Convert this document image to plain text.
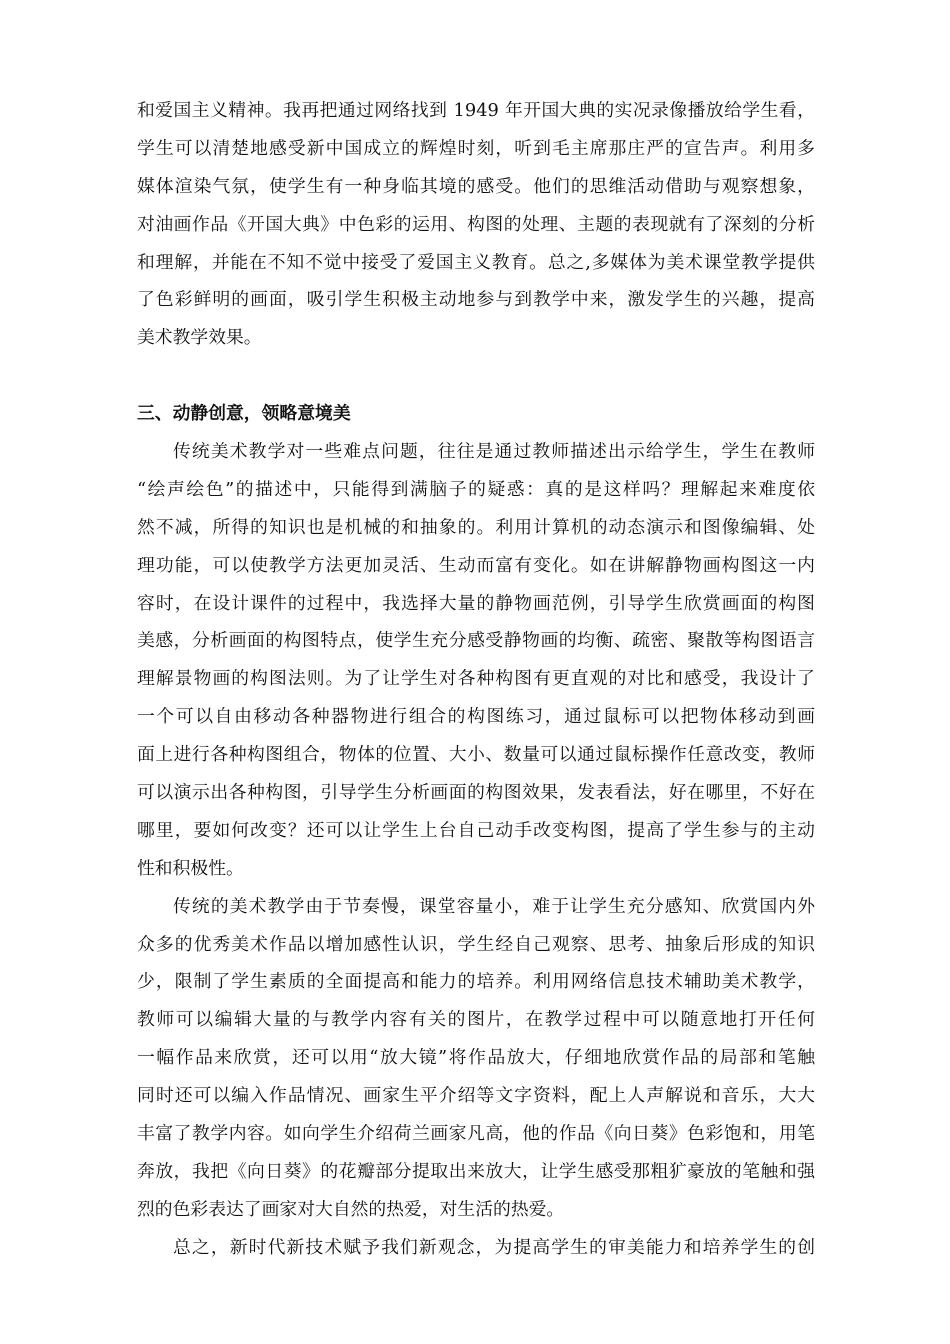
和爱国主义精神。我再把通过网络找到 1949 年开国大典的实况录像播放给学生看，
学生可以清楚地感受新中国成立的辉煌时刻，听到毛主席那庄严的宣告声。利用多
媒体渲染气氛，使学生有一种身临其境的感受。他们的思维活动借助与观察想象，
对油画作品《开国大典》中色彩的运用、构图的处理、主题的表现就有了深刻的分析
和理解，并能在不知不觉中接受了爱国主义教育。总之,多媒体为美术课堂教学提供
了色彩鲜明的画面，吸引学生积极主动地参与到教学中来，激发学生的兴趣，提高
美术教学效果。
三、动静创意，领略意境美
传统美术教学对一些难点问题，往往是通过教师描述出示给学生，学生在教师
“绘声绘色”的描述中，只能得到满脑子的疑惑：真的是这样吗？理解起来难度依
然不减，所得的知识也是机械的和抽象的。利用计算机的动态演示和图像编辑、处
理功能，可以使教学方法更加灵活、生动而富有变化。如在讲解静物画构图这一内
容时，在设计课件的过程中，我选择大量的静物画范例，引导学生欣赏画面的构图
美感，分析画面的构图特点，使学生充分感受静物画的均衡、疏密、聚散等构图语言
理解景物画的构图法则。为了让学生对各种构图有更直观的对比和感受，我设计了
一个可以自由移动各种器物进行组合的构图练习，通过鼠标可以把物体移动到画
面上进行各种构图组合，物体的位置、大小、数量可以通过鼠标操作任意改变，教师
可以演示出各种构图，引导学生分析画面的构图效果，发表看法，好在哪里，不好在
哪里，要如何改变？还可以让学生上台自己动手改变构图，提高了学生参与的主动
性和积极性。
传统的美术教学由于节奏慢，课堂容量小，难于让学生充分感知、欣赏国内外
众多的优秀美术作品以增加感性认识，学生经自己观察、思考、抽象后形成的知识
少，限制了学生素质的全面提高和能力的培养。利用网络信息技术辅助美术教学，
教师可以编辑大量的与教学内容有关的图片，在教学过程中可以随意地打开任何
一幅作品来欣赏，还可以用“放大镜”将作品放大，仔细地欣赏作品的局部和笔触
同时还可以编入作品情况、画家生平介绍等文字资料，配上人声解说和音乐，大大
丰富了教学内容。如向学生介绍荷兰画家凡高，他的作品《向日葵》色彩饱和，用笔
奔放，我把《向日葵》的花瓣部分提取出来放大，让学生感受那粗犷豪放的笔触和强
烈的色彩表达了画家对大自然的热爱，对生活的热爱。
总之，新时代新技术赋予我们新观念，为提高学生的审美能力和培养学生的创
